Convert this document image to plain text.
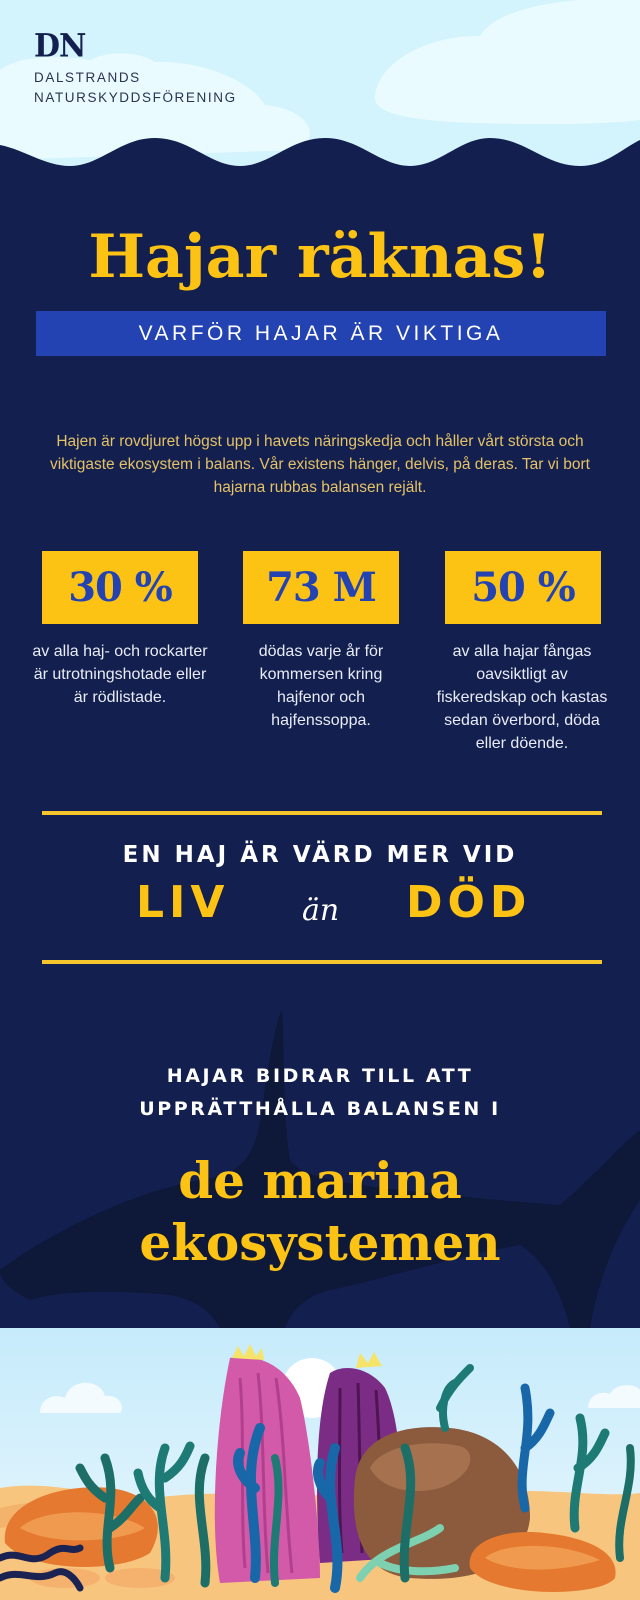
DN
DALSTRANDS
NATURSKYDDSFÖRENING
Hajar räknas!
VARFÖR HAJAR ÄR VIKTIGA
Hajen är rovdjuret högst upp i havets näringskedja och håller vårt största och viktigaste ekosystem i balans. Vår existens hänger, delvis, på deras. Tar vi bort hajarna rubbas balansen rejält.
30 % 73 M 50 %
av alla haj- och rockarter är utrotningshotade eller är rödlistade.
dödas varje år för kommersen kring hajfenor och hajfenssoppa.
av alla hajar fångas oavsiktligt av fiskeredskap och kastas sedan överbord, döda eller döende.
EN HAJ ÄR VÄRD MER VID
LIV än DÖD
HAJAR BIDRAR TILL ATT
UPPRÄTTHÅLLA BALANSEN I
de marina
ekosystemen
